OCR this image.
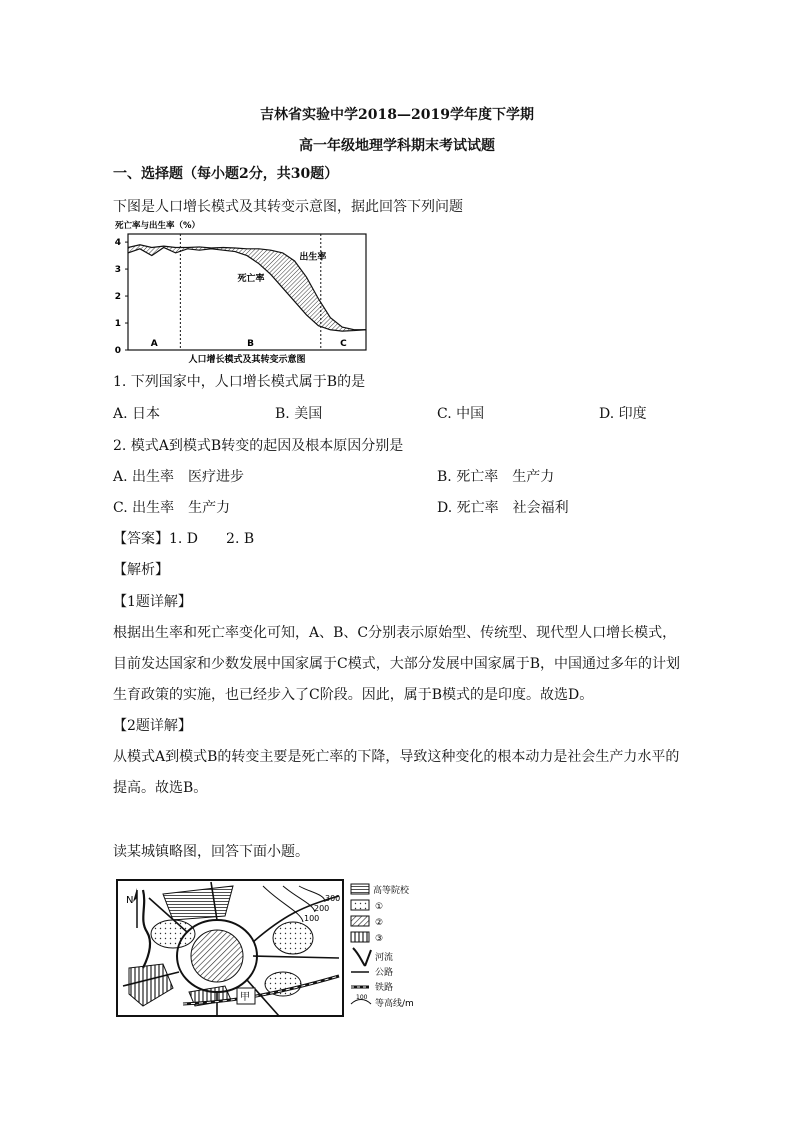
吉林省实验中学2018—2019学年度下学期
高一年级地理学科期末考试试题
一、选择题（每小题2分，共30题）
下图是人口增长模式及其转变示意图，据此回答下列问题
死亡率与出生率（%）
0
1
2
3
4
A	B	C
出生率
死亡率
人口增长模式及其转变示意图
1. 下列国家中，人口增长模式属于B的是
A. 日本	B. 美国	C. 中国	D. 印度
2. 模式A到模式B转变的起因及根本原因分别是
A. 出生率　医疗进步	B. 死亡率　生产力
C. 出生率　生产力	D. 死亡率　社会福利
【答案】1. D　　2. B
【解析】
【1题详解】
根据出生率和死亡率变化可知，A、B、C分别表示原始型、传统型、现代型人口增长模式，目前发达国家和少数发展中国家属于C模式，大部分发展中国家属于B，中国通过多年的计划生育政策的实施，也已经步入了C阶段。因此，属于B模式的是印度。故选D。
【2题详解】
从模式A到模式B的转变主要是死亡率的下降，导致这种变化的根本动力是社会生产力水平的提高。故选B。
读某城镇略图，回答下面小题。
N	300
200
100
甲
高等院校
①
②
③
河流
公路
铁路
100
等高线/m
